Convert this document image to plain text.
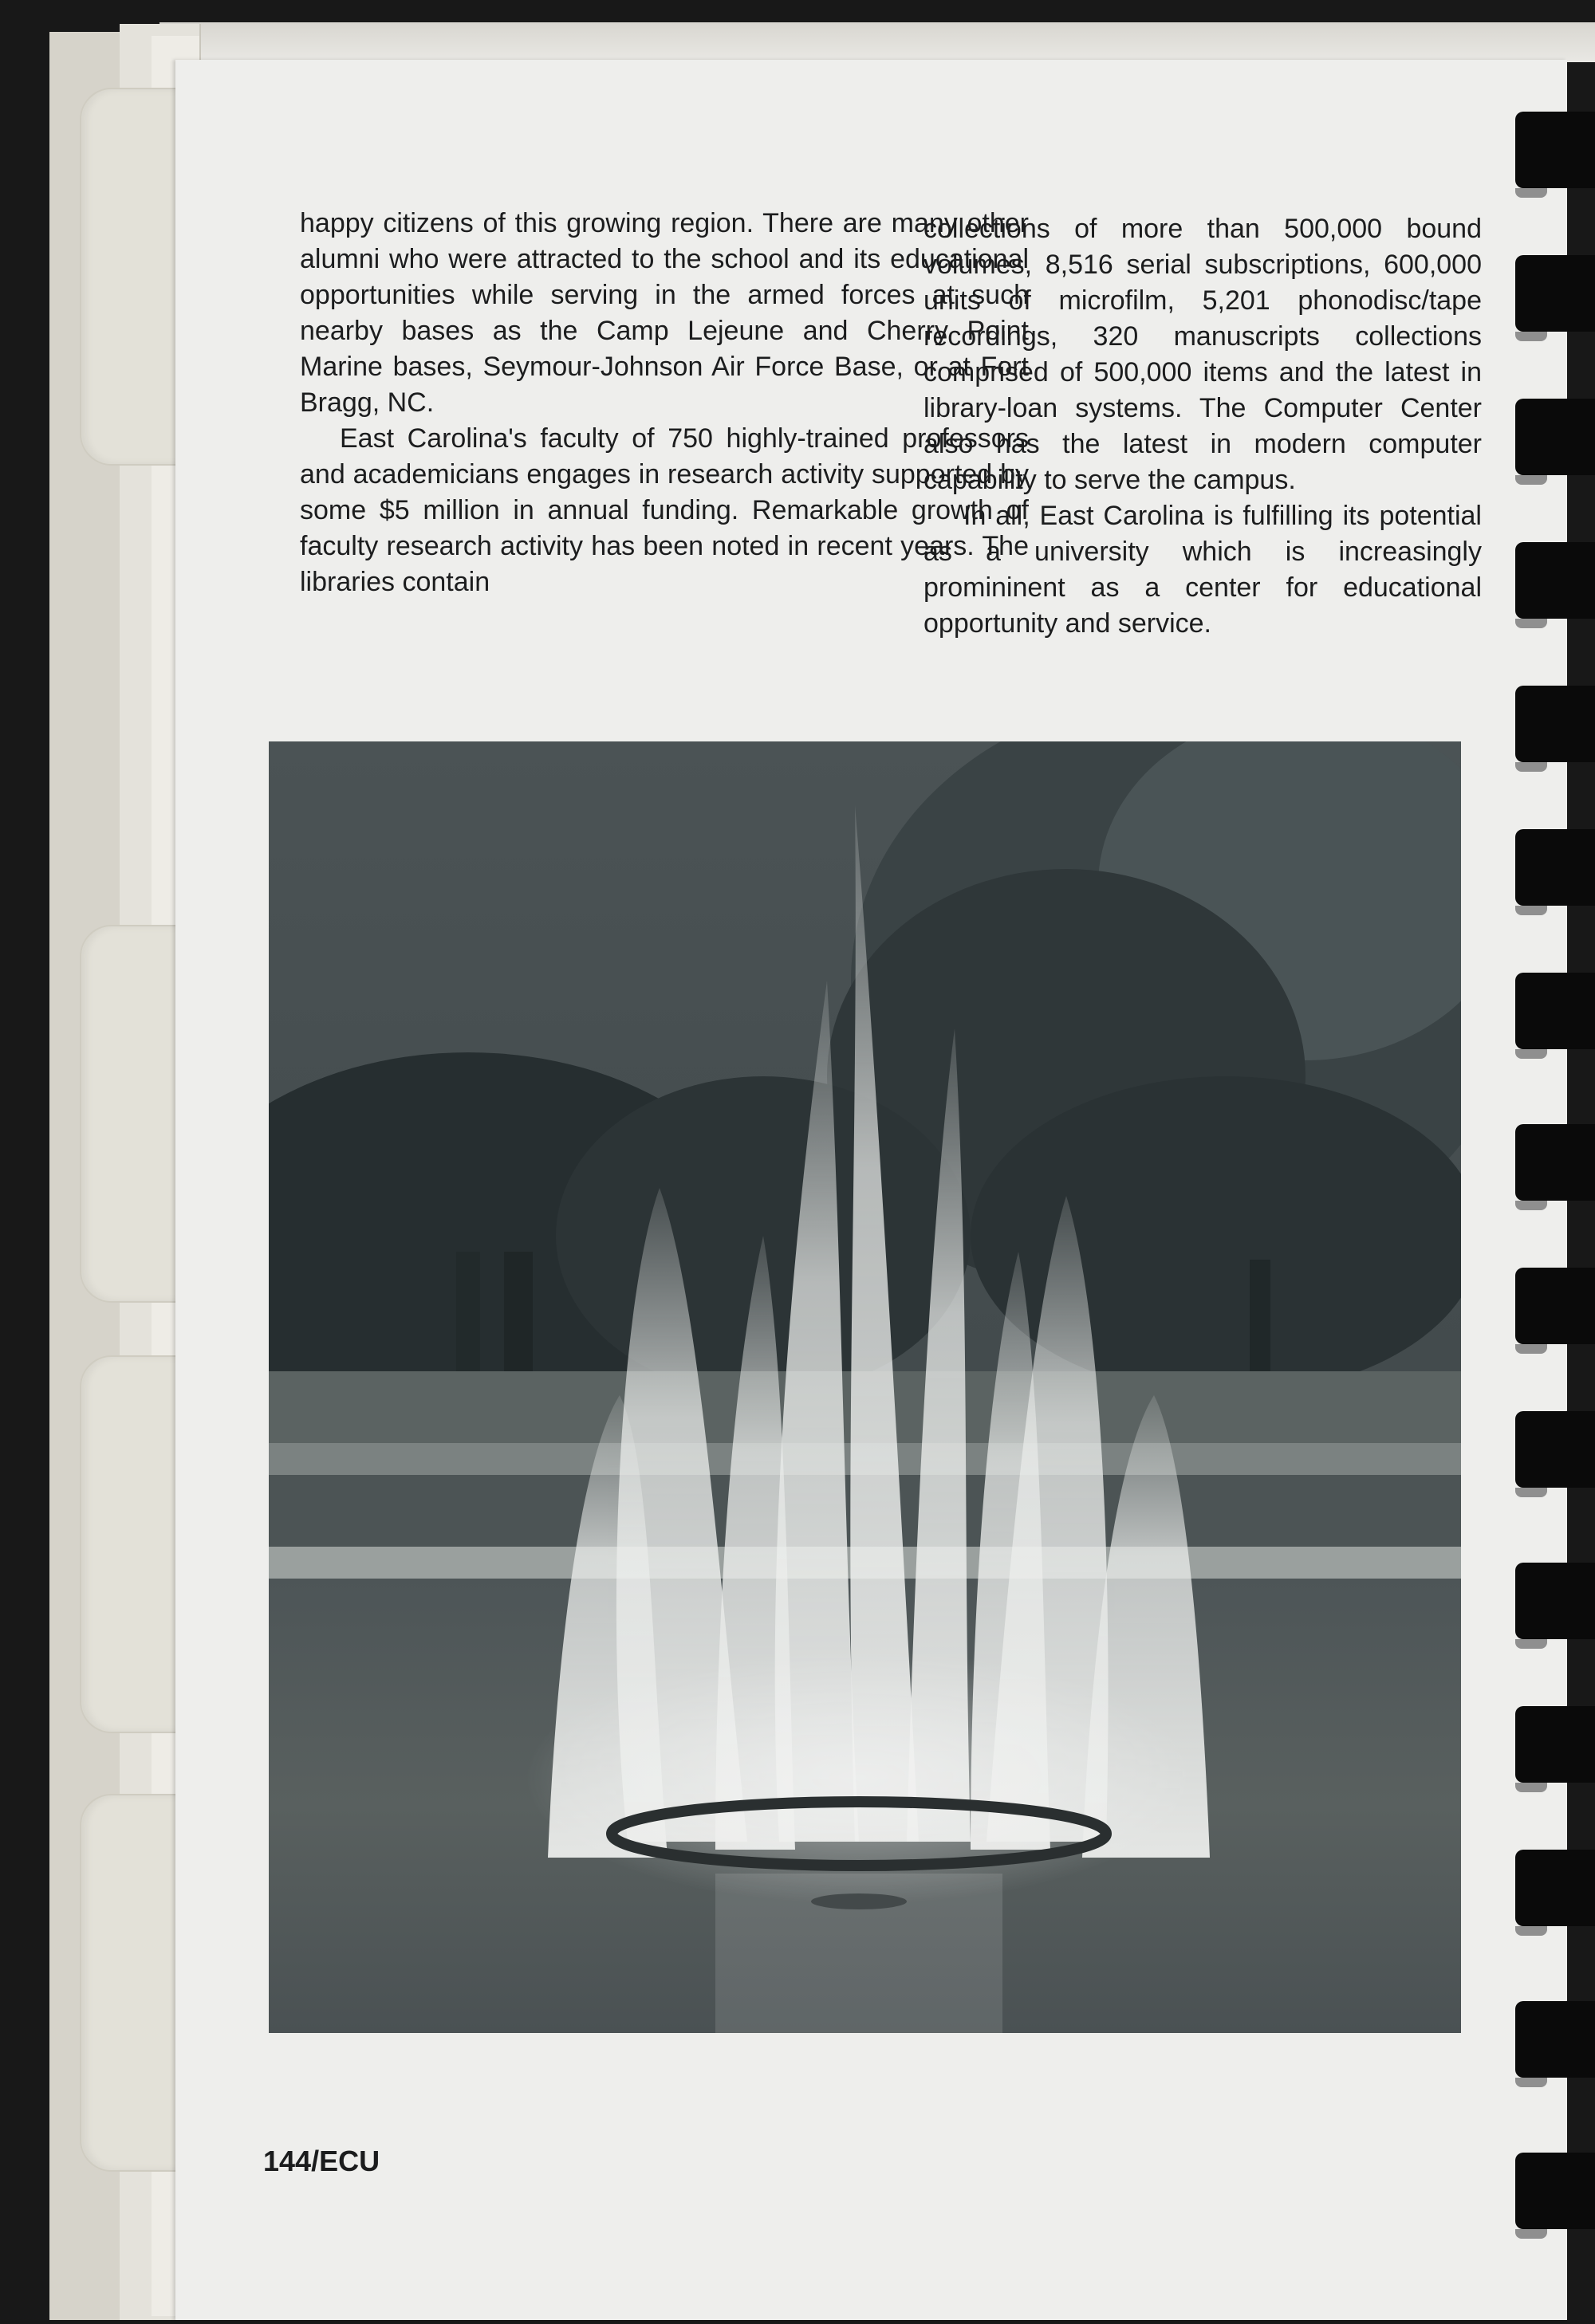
happy citizens of this growing region. There are many other alumni who were attracted to the school and its educational opportunities while serving in the armed forces at such nearby bases as the Camp Lejeune and Cherry Point Marine bases, Seymour-Johnson Air Force Base, or at Fort Bragg, NC.

East Carolina's faculty of 750 highly-trained professors and academicians engages in research activity supported by some $5 million in annual funding. Remarkable growth of faculty research activity has been noted in recent years. The libraries contain

collections of more than 500,000 bound volumes, 8,516 serial subscriptions, 600,000 units of microfilm, 5,201 phonodisc/tape recordings, 320 manuscripts collections comprised of 500,000 items and the latest in library-loan systems. The Computer Center also has the latest in modern computer capability to serve the campus.

In all, East Carolina is fulfilling its potential as a university which is increasingly promininent as a center for educational opportunity and service.

144/ECU
